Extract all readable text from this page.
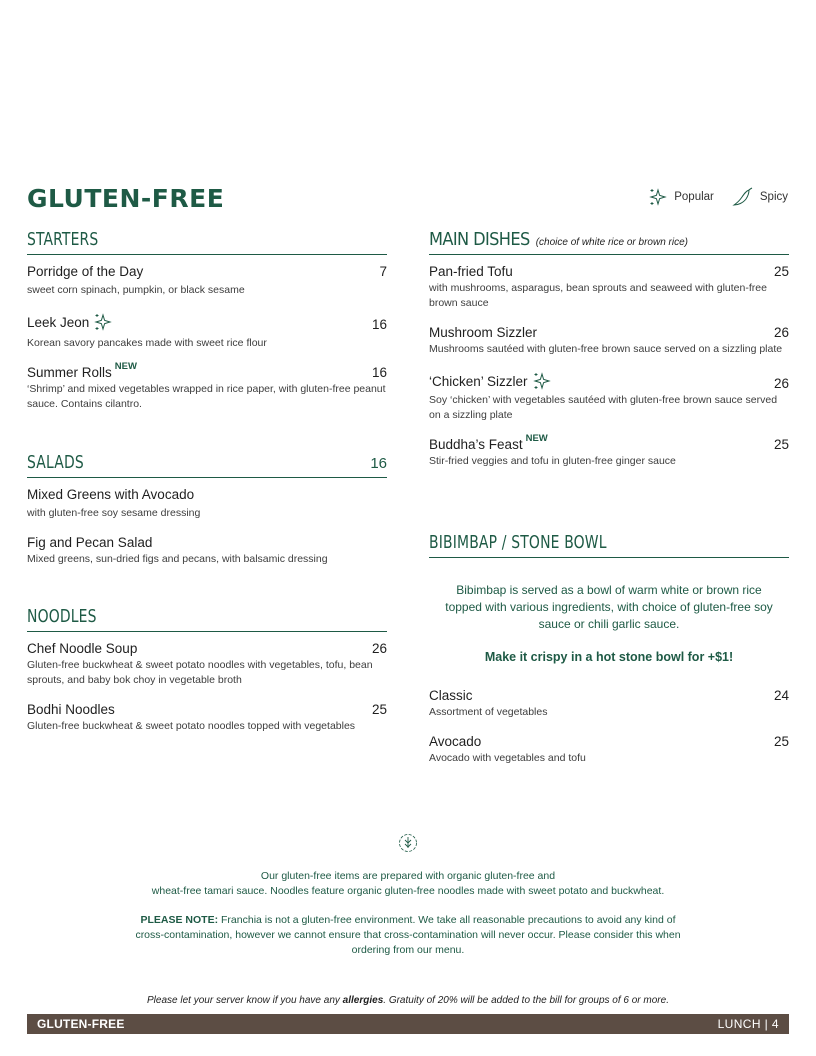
GLUTEN-FREE	Popular	Spicy
STARTERS
Porridge of the Day	7
sweet corn spinach, pumpkin, or black sesame
Leek Jeon	16
Korean savory pancakes made with sweet rice flour
Summer Rolls NEW	16
‘Shrimp’ and mixed vegetables wrapped in rice paper, with gluten-free peanut sauce. Contains cilantro.
SALADS	16
Mixed Greens with Avocado
with gluten-free soy sesame dressing
Fig and Pecan Salad
Mixed greens, sun-dried figs and pecans, with balsamic dressing
NOODLES
Chef Noodle Soup	26
Gluten-free buckwheat & sweet potato noodles with vegetables, tofu, bean sprouts, and baby bok choy in vegetable broth
Bodhi Noodles	25
Gluten-free buckwheat & sweet potato noodles topped with vegetables
MAIN DISHES (choice of white rice or brown rice)
Pan-fried Tofu	25
with mushrooms, asparagus, bean sprouts and seaweed with gluten-free brown sauce
Mushroom Sizzler	26
Mushrooms sautéed with gluten-free brown sauce served on a sizzling plate
‘Chicken’ Sizzler	26
Soy ‘chicken’ with vegetables sautéed with gluten-free brown sauce served on a sizzling plate
Buddha’s Feast NEW	25
Stir-fried veggies and tofu in gluten-free ginger sauce
BIBIMBAP / STONE BOWL
Bibimbap is served as a bowl of warm white or brown rice topped with various ingredients, with choice of gluten-free soy sauce or chili garlic sauce.
Make it crispy in a hot stone bowl for +$1!
Classic	24
Assortment of vegetables
Avocado	25
Avocado with vegetables and tofu
Our gluten-free items are prepared with organic gluten-free and
wheat-free tamari sauce. Noodles feature organic gluten-free noodles made with sweet potato and buckwheat.
PLEASE NOTE: Franchia is not a gluten-free environment. We take all reasonable precautions to avoid any kind of cross-contamination, however we cannot ensure that cross-contamination will never occur. Please consider this when ordering from our menu.
Please let your server know if you have any allergies. Gratuity of 20% will be added to the bill for groups of 6 or more.
GLUTEN-FREE	LUNCH | 4
